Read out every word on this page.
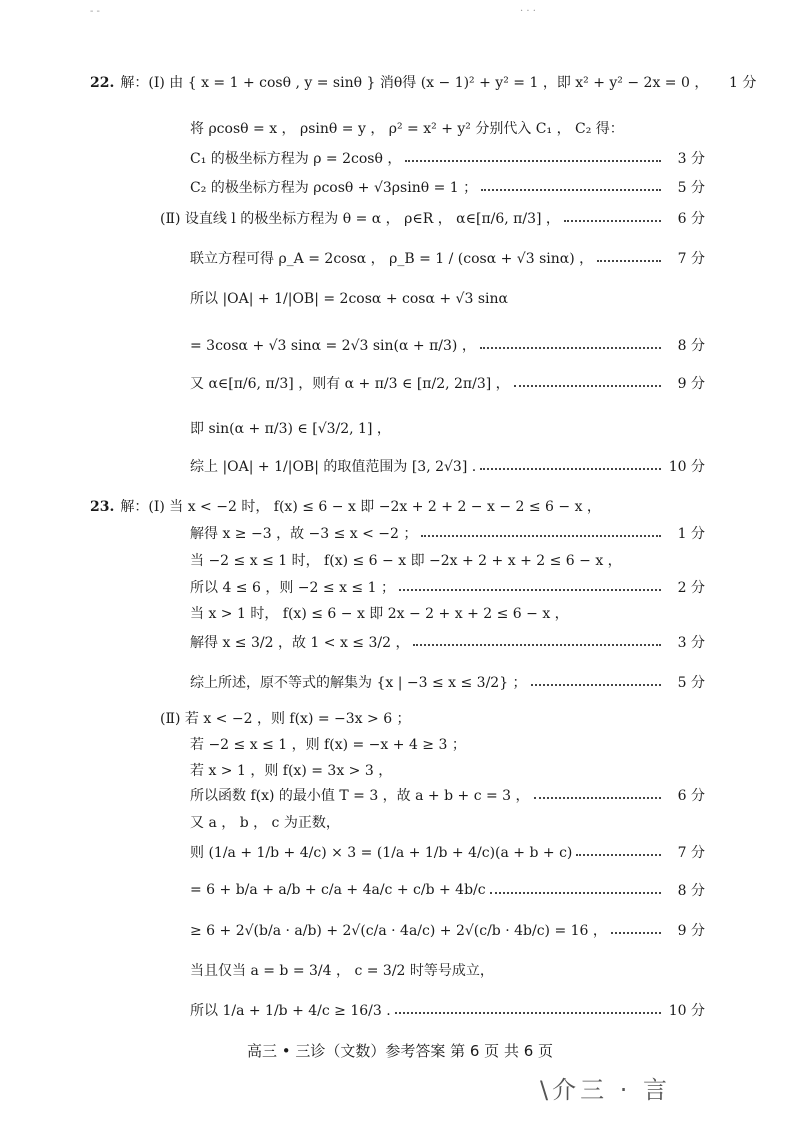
- -	· · ·
22. 解：(Ⅰ) 由 { x = 1 + cosθ , y = sinθ } 消θ得 (x − 1)² + y² = 1 ，即 x² + y² − 2x = 0 ，	1 分
将 ρcosθ = x ， ρsinθ = y ， ρ² = x² + y² 分别代入 C₁ ， C₂ 得：
C₁ 的极坐标方程为 ρ = 2cosθ ，	3 分
C₂ 的极坐标方程为 ρcosθ + √3ρsinθ = 1 ；	5 分
(Ⅱ) 设直线 l 的极坐标方程为 θ = α ， ρ∈R ， α∈[π/6, π/3] ，	6 分
联立方程可得 ρ_A = 2cosα ， ρ_B = 1 / (cosα + √3 sinα) ，	7 分
所以 |OA| + 1/|OB| = 2cosα + cosα + √3 sinα
= 3cosα + √3 sinα = 2√3 sin(α + π/3) ，	8 分
又 α∈[π/6, π/3] ，则有 α + π/3 ∈ [π/2, 2π/3] ，	9 分
即 sin(α + π/3) ∈ [√3/2, 1] ，
综上 |OA| + 1/|OB| 的取值范围为 [3, 2√3] .	10 分
23. 解：(Ⅰ) 当 x < −2 时， f(x) ≤ 6 − x 即 −2x + 2 + 2 − x − 2 ≤ 6 − x ，
解得 x ≥ −3 ，故 −3 ≤ x < −2 ；	1 分
当 −2 ≤ x ≤ 1 时， f(x) ≤ 6 − x 即 −2x + 2 + x + 2 ≤ 6 − x ，
所以 4 ≤ 6 ，则 −2 ≤ x ≤ 1 ；	2 分
当 x > 1 时， f(x) ≤ 6 − x 即 2x − 2 + x + 2 ≤ 6 − x ，
解得 x ≤ 3/2 ，故 1 < x ≤ 3/2 ，	3 分
综上所述，原不等式的解集为 {x | −3 ≤ x ≤ 3/2} ；	5 分
(Ⅱ) 若 x < −2 ，则 f(x) = −3x > 6 ；
若 −2 ≤ x ≤ 1 ，则 f(x) = −x + 4 ≥ 3 ；
若 x > 1 ，则 f(x) = 3x > 3 ，
所以函数 f(x) 的最小值 T = 3 ，故 a + b + c = 3 ，	6 分
又 a ， b ， c 为正数，
则 (1/a + 1/b + 4/c) × 3 = (1/a + 1/b + 4/c)(a + b + c)	7 分
= 6 + b/a + a/b + c/a + 4a/c + c/b + 4b/c	8 分
≥ 6 + 2√(b/a · a/b) + 2√(c/a · 4a/c) + 2√(c/b · 4b/c) = 16 ，	9 分
当且仅当 a = b = 3/4 ， c = 3/2 时等号成立，
所以 1/a + 1/b + 4/c ≥ 16/3 .	10 分
高三 • 三诊（文数）参考答案 第 6 页 共 6 页
\介三 · 言
